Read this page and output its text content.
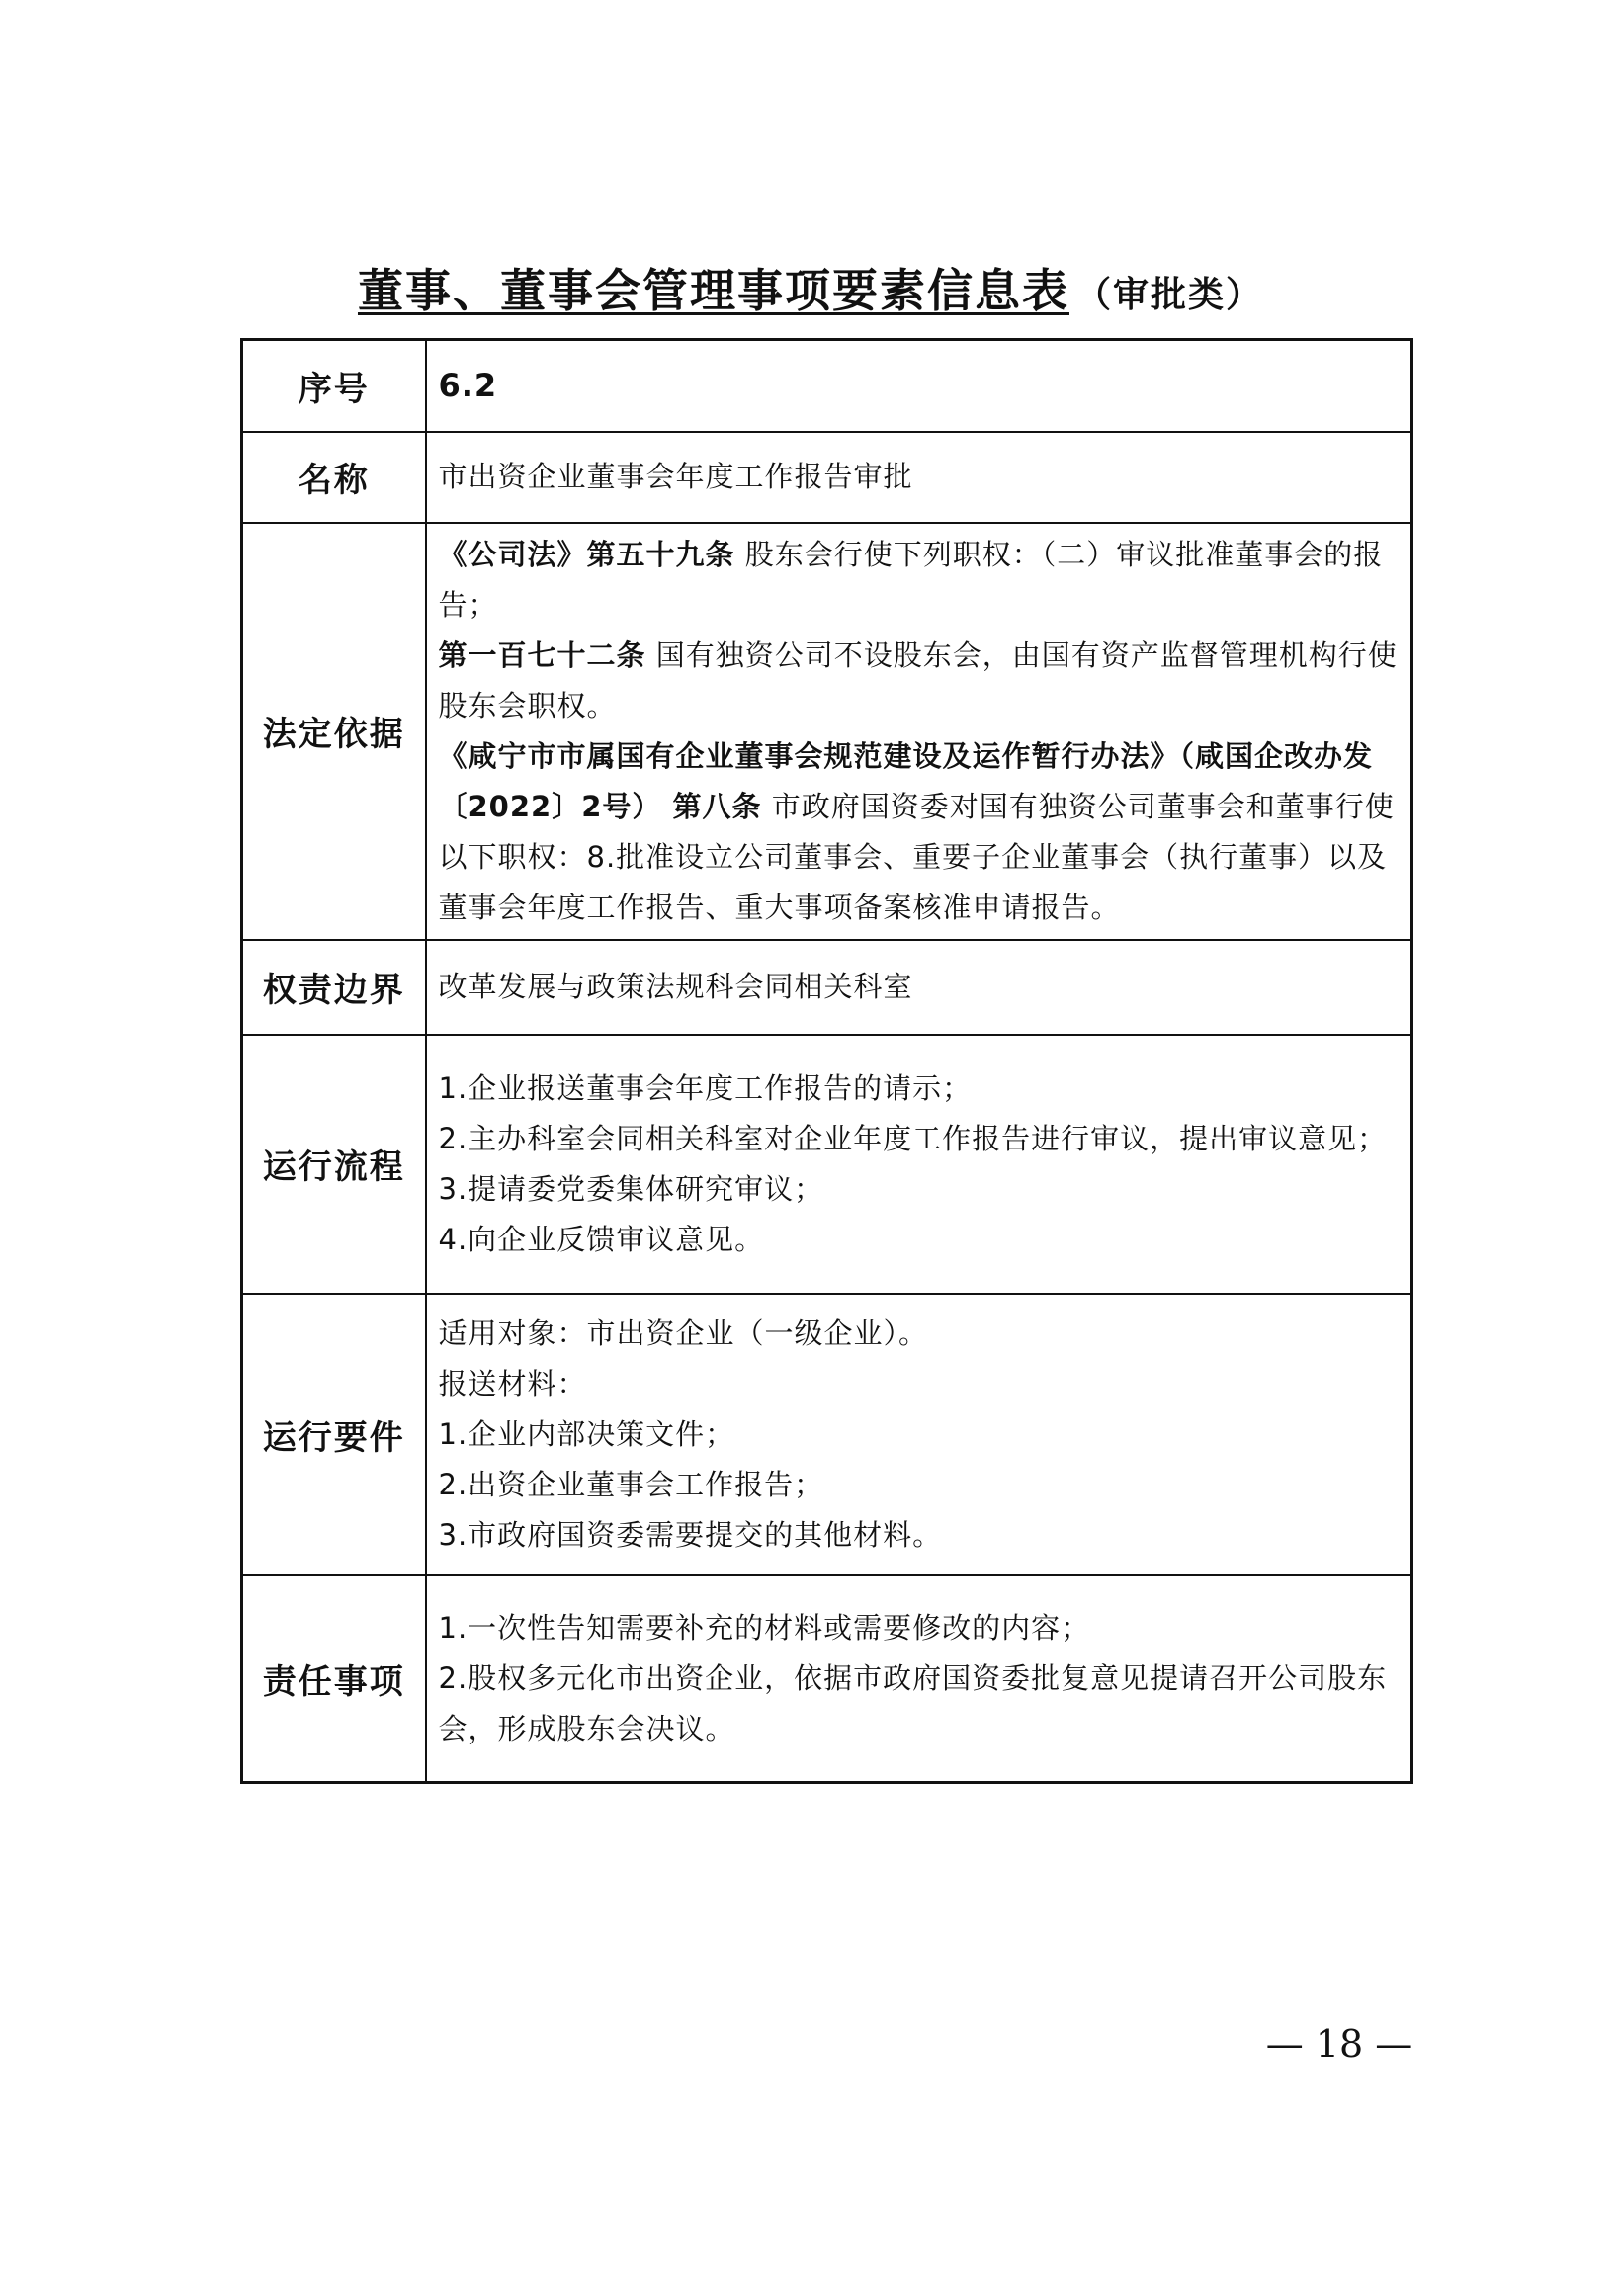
董事、董事会管理事项要素信息表 （审批类）
序号	6.2
名称	市出资企业董事会年度工作报告审批
法定依据	《公司法》第五十九条 股东会行使下列职权：（二）审议批准董事会的报告；
第一百七十二条 国有独资公司不设股东会，由国有资产监督管理机构行使股东会职权。
《咸宁市市属国有企业董事会规范建设及运作暂行办法》（咸国企改办发〔2022〕2号） 第八条 市政府国资委对国有独资公司董事会和董事行使以下职权：8.批准设立公司董事会、重要子企业董事会（执行董事）以及董事会年度工作报告、重大事项备案核准申请报告。

权责边界	改革发展与政策法规科会同相关科室
运行流程	1.企业报送董事会年度工作报告的请示；
2.主办科室会同相关科室对企业年度工作报告进行审议，提出审议意见；
3.提请委党委集体研究审议；
4.向企业反馈审议意见。

运行要件	适用对象：市出资企业（一级企业）。
报送材料：
1.企业内部决策文件；
2.出资企业董事会工作报告；
3.市政府国资委需要提交的其他材料。

责任事项	1.一次性告知需要补充的材料或需要修改的内容；
2.股权多元化市出资企业，依据市政府国资委批复意见提请召开公司股东会，形成股东会决议。
— 18 —
